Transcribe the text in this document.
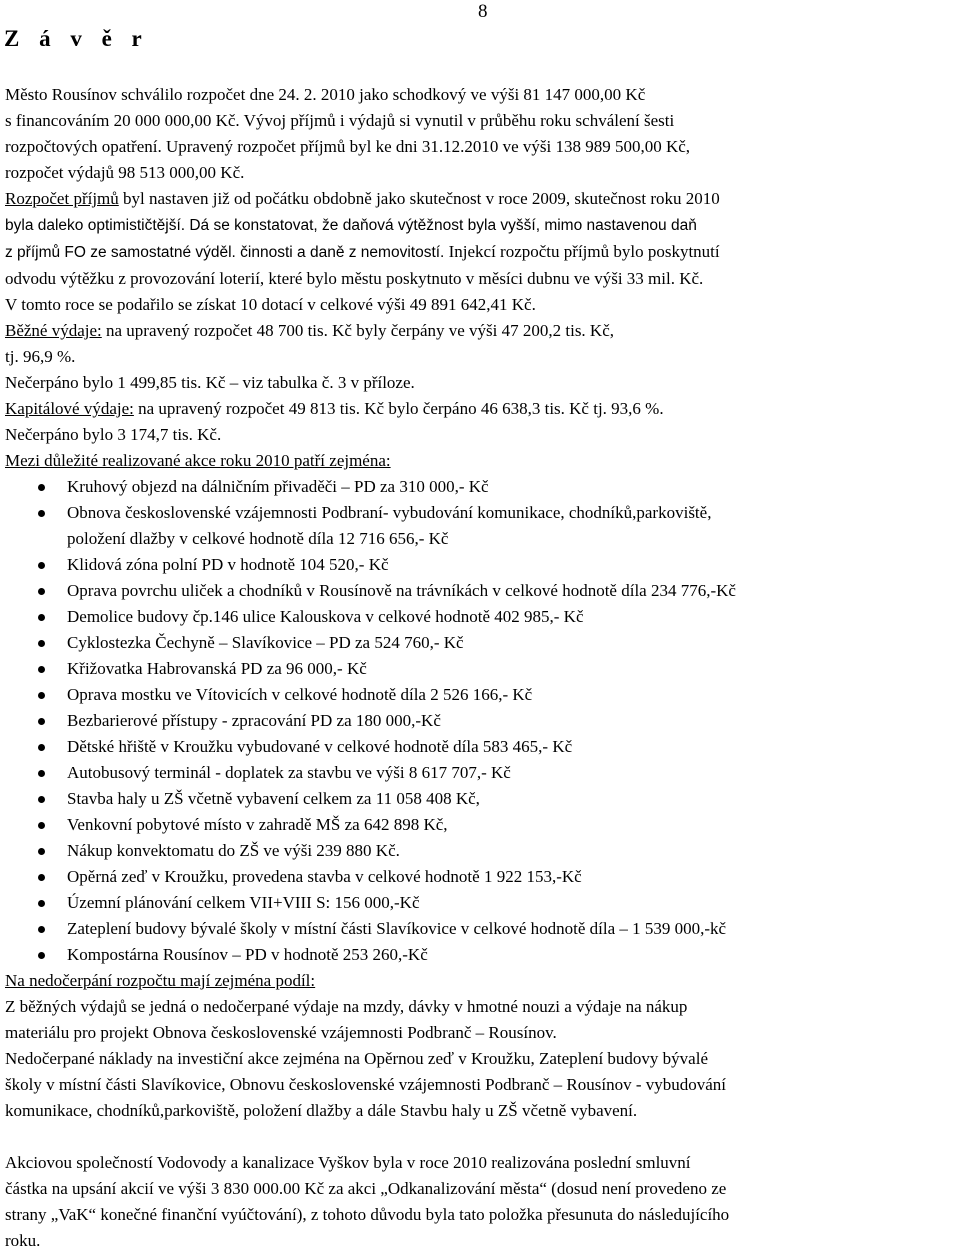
8
Z á v ě r
Město Rousínov schválilo rozpočet dne 24. 2. 2010 jako schodkový ve výši 81 147 000,00 Kč
s financováním 20 000 000,00 Kč. Vývoj příjmů i výdajů si vynutil v průběhu roku schválení šesti
rozpočtových opatření. Upravený rozpočet příjmů byl ke dni 31.12.2010 ve výši 138 989 500,00 Kč,
rozpočet výdajů 98 513 000,00 Kč.
Rozpočet příjmů byl nastaven již od počátku obdobně jako skutečnost v roce 2009, skutečnost roku 2010
byla daleko optimističtější. Dá se konstatovat, že daňová výtěžnost byla vyšší, mimo nastavenou daň
z příjmů FO ze samostatné výděl. činnosti a daně z nemovitostí. Injekcí rozpočtu příjmů bylo poskytnutí
odvodu výtěžku z provozování loterií, které bylo městu poskytnuto v měsíci dubnu ve výši 33 mil. Kč.
V tomto roce se podařilo se získat 10 dotací v celkové výši 49 891 642,41 Kč.
Běžné výdaje: na upravený rozpočet 48 700 tis. Kč byly čerpány ve výši 47 200,2 tis. Kč,
tj. 96,9 %.
Nečerpáno bylo 1 499,85 tis. Kč – viz tabulka č. 3 v příloze.
Kapitálové výdaje: na upravený rozpočet 49 813 tis. Kč bylo čerpáno 46 638,3 tis. Kč tj. 93,6 %.
Nečerpáno bylo 3 174,7 tis. Kč.
Mezi důležité realizované akce roku 2010 patří zejména:
Kruhový objezd na dálničním přivaděči – PD za 310 000,- Kč
Obnova československé vzájemnosti Podbraní- vybudování komunikace, chodníků,parkoviště,
položení dlažby v celkové hodnotě díla 12 716 656,- Kč
Klidová zóna polní PD v hodnotě 104 520,- Kč
Oprava povrchu uliček a chodníků v Rousínově na trávníkách v celkové hodnotě díla 234 776,-Kč
Demolice budovy čp.146 ulice Kalouskova v celkové hodnotě 402 985,- Kč
Cyklostezka Čechyně – Slavíkovice – PD za 524 760,- Kč
Křižovatka Habrovanská PD za 96 000,- Kč
Oprava mostku ve Vítovicích v celkové hodnotě díla 2 526 166,- Kč
Bezbarierové přístupy - zpracování PD za 180 000,-Kč
Dětské hřiště v Kroužku vybudované v celkové hodnotě díla 583 465,- Kč
Autobusový terminál - doplatek za stavbu ve výši 8 617 707,- Kč
Stavba haly u ZŠ včetně vybavení celkem za 11 058 408 Kč,
Venkovní pobytové místo v zahradě MŠ za 642 898 Kč,
Nákup konvektomatu do ZŠ ve výši 239 880 Kč.
Opěrná zeď v Kroužku, provedena stavba v celkové hodnotě 1 922 153,-Kč
Územní plánování celkem VII+VIII S: 156 000,-Kč
Zateplení budovy bývalé školy v místní části Slavíkovice v celkové hodnotě díla – 1 539 000,-kč
Kompostárna Rousínov – PD v hodnotě 253 260,-Kč
Na nedočerpání rozpočtu mají zejména podíl:
Z běžných výdajů se jedná o nedočerpané výdaje na mzdy, dávky v hmotné nouzi a výdaje na nákup
materiálu pro projekt Obnova československé vzájemnosti Podbranč – Rousínov.
Nedočerpané náklady na investiční akce zejména na Opěrnou zeď v Kroužku, Zateplení budovy bývalé
školy v místní části Slavíkovice, Obnovu československé vzájemnosti Podbranč – Rousínov - vybudování
komunikace, chodníků,parkoviště, položení dlažby a dále Stavbu haly u ZŠ včetně vybavení.
Akciovou společností Vodovody a kanalizace Vyškov byla v roce 2010 realizována poslední smluvní
částka na upsání akcií ve výši 3 830 000.00 Kč za akci „Odkanalizování města“ (dosud není provedeno ze
strany „VaK“ konečné finanční vyúčtování), z tohoto důvodu byla tato položka přesunuta do následujícího
roku.
